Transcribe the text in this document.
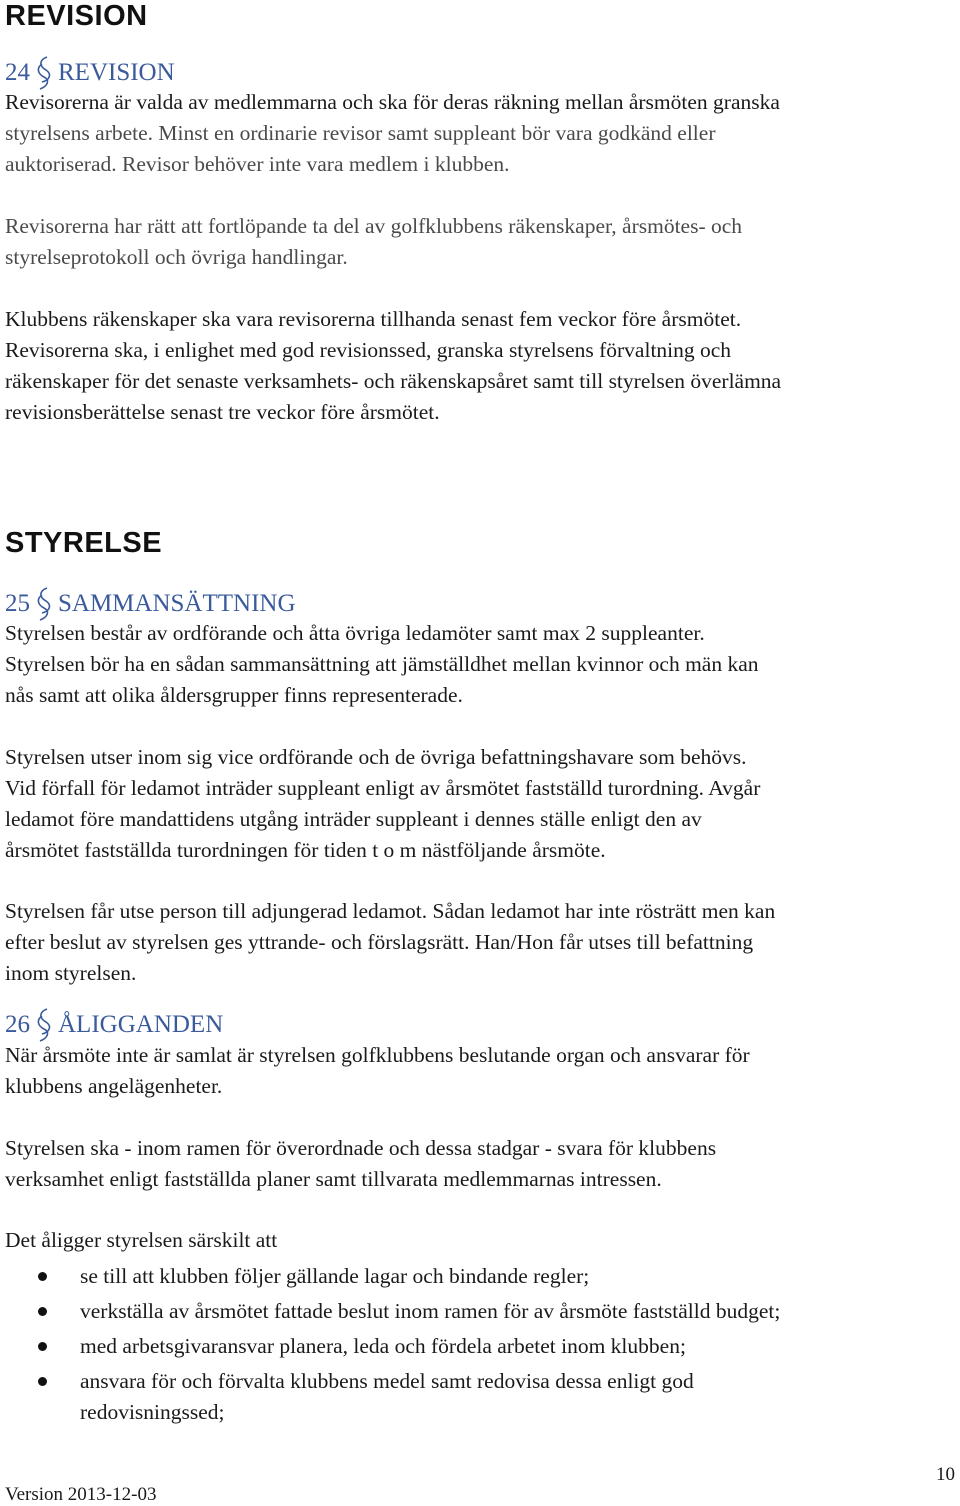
REVISION
24 REVISION
Revisorerna är valda av medlemmarna och ska för deras räkning mellan årsmöten granska
styrelsens arbete. Minst en ordinarie revisor samt suppleant bör vara godkänd eller
auktoriserad. Revisor behöver inte vara medlem i klubben.
Revisorerna har rätt att fortlöpande ta del av golfklubbens räkenskaper, årsmötes- och
styrelseprotokoll och övriga handlingar.
Klubbens räkenskaper ska vara revisorerna tillhanda senast fem veckor före årsmötet.
Revisorerna ska, i enlighet med god revisionssed, granska styrelsens förvaltning och
räkenskaper för det senaste verksamhets- och räkenskapsåret samt till styrelsen överlämna
revisionsberättelse senast tre veckor före årsmötet.
STYRELSE
25 SAMMANSÄTTNING
Styrelsen består av ordförande och åtta övriga ledamöter samt max 2 suppleanter.
Styrelsen bör ha en sådan sammansättning att jämställdhet mellan kvinnor och män kan
nås samt att olika åldersgrupper finns representerade.
Styrelsen utser inom sig vice ordförande och de övriga befattningshavare som behövs.
Vid förfall för ledamot inträder suppleant enligt av årsmötet fastställd turordning. Avgår
ledamot före mandattidens utgång inträder suppleant i dennes ställe enligt den av
årsmötet fastställda turordningen för tiden t o m nästföljande årsmöte.
Styrelsen får utse person till adjungerad ledamot. Sådan ledamot har inte rösträtt men kan
efter beslut av styrelsen ges yttrande- och förslagsrätt. Han/Hon får utses till befattning
inom styrelsen.
26 ÅLIGGANDEN
När årsmöte inte är samlat är styrelsen golfklubbens beslutande organ och ansvarar för
klubbens angelägenheter.
Styrelsen ska - inom ramen för överordnade och dessa stadgar - svara för klubbens
verksamhet enligt fastställda planer samt tillvarata medlemmarnas intressen.
Det åligger styrelsen särskilt att
se till att klubben följer gällande lagar och bindande regler;
verkställa av årsmötet fattade beslut inom ramen för av årsmöte fastställd budget;
med arbetsgivaransvar planera, leda och fördela arbetet inom klubben;
ansvara för och förvalta klubbens medel samt redovisa dessa enligt god
redovisningssed;
Version 2013-12-03
10
